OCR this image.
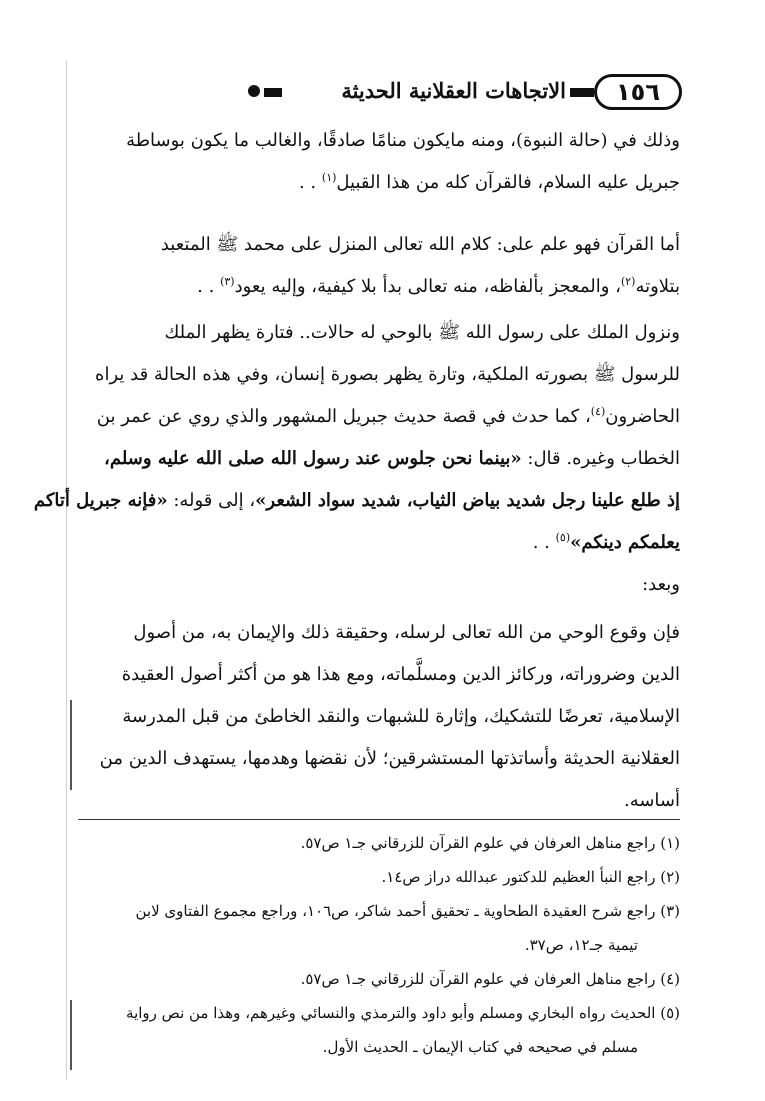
١٥٦
الاتجاهات العقلانية الحديثة
وذلك في (حالة النبوة)، ومنه مايكون منامًا صادقًا، والغالب ما يكون بوساطة
جبريل عليه السلام، فالقرآن كله من هذا القبيل$^{(١)}$ . .
أما القرآن فهو علم على: كلام الله تعالى المنزل على محمد ﷺ المتعبد
بتلاوته$^{(٢)}$، والمعجز بألفاظه، منه تعالى بدأ بلا كيفية، وإليه يعود$^{(٣)}$ . .
ونزول الملك على رسول الله ﷺ بالوحي له حالات.. فتارة يظهر الملك
للرسول ﷺ بصورته الملكية، وتارة يظهر بصورة إنسان، وفي هذه الحالة قد يراه
الحاضرون$^{(٤)}$، كما حدث في قصة حديث جبريل المشهور والذي روي عن عمر بن
الخطاب وغيره. قال: «بينما نحن جلوس عند رسول الله صلى الله عليه وسلم،
إذ طلع علينا رجل شديد بياض الثياب، شديد سواد الشعر»، إلى قوله: «فإنه جبريل أتاكم
يعلمكم دينكم»$^{(٥)}$ . .
وبعد:
فإن وقوع الوحي من الله تعالى لرسله، وحقيقة ذلك والإيمان به، من أصول
الدين وضروراته، وركائز الدين ومسلَّماته، ومع هذا هو من أكثر أصول العقيدة
الإسلامية، تعرضًا للتشكيك، وإثارة للشبهات والنقد الخاطئ من قبل المدرسة
العقلانية الحديثة وأساتذتها المستشرقين؛ لأن نقضها وهدمها، يستهدف الدين من
أساسه.
(١) راجع مناهل العرفان في علوم القرآن للزرقاني جـ١ ص٥٧.
(٢) راجع النبأ العظيم للدكتور عبدالله دراز ص١٤.
(٣) راجع شرح العقيدة الطحاوية ـ تحقيق أحمد شاكر، ص١٠٦، وراجع مجموع الفتاوى لابن
تيمية جـ١٢، ص٣٧.
(٤) راجع مناهل العرفان في علوم القرآن للزرقاني جـ١ ص٥٧.
(٥) الحديث رواه البخاري ومسلم وأبو داود والترمذي والنسائي وغيرهم، وهذا من نص رواية
مسلم في صحيحه في كتاب الإيمان ـ الحديث الأول.
